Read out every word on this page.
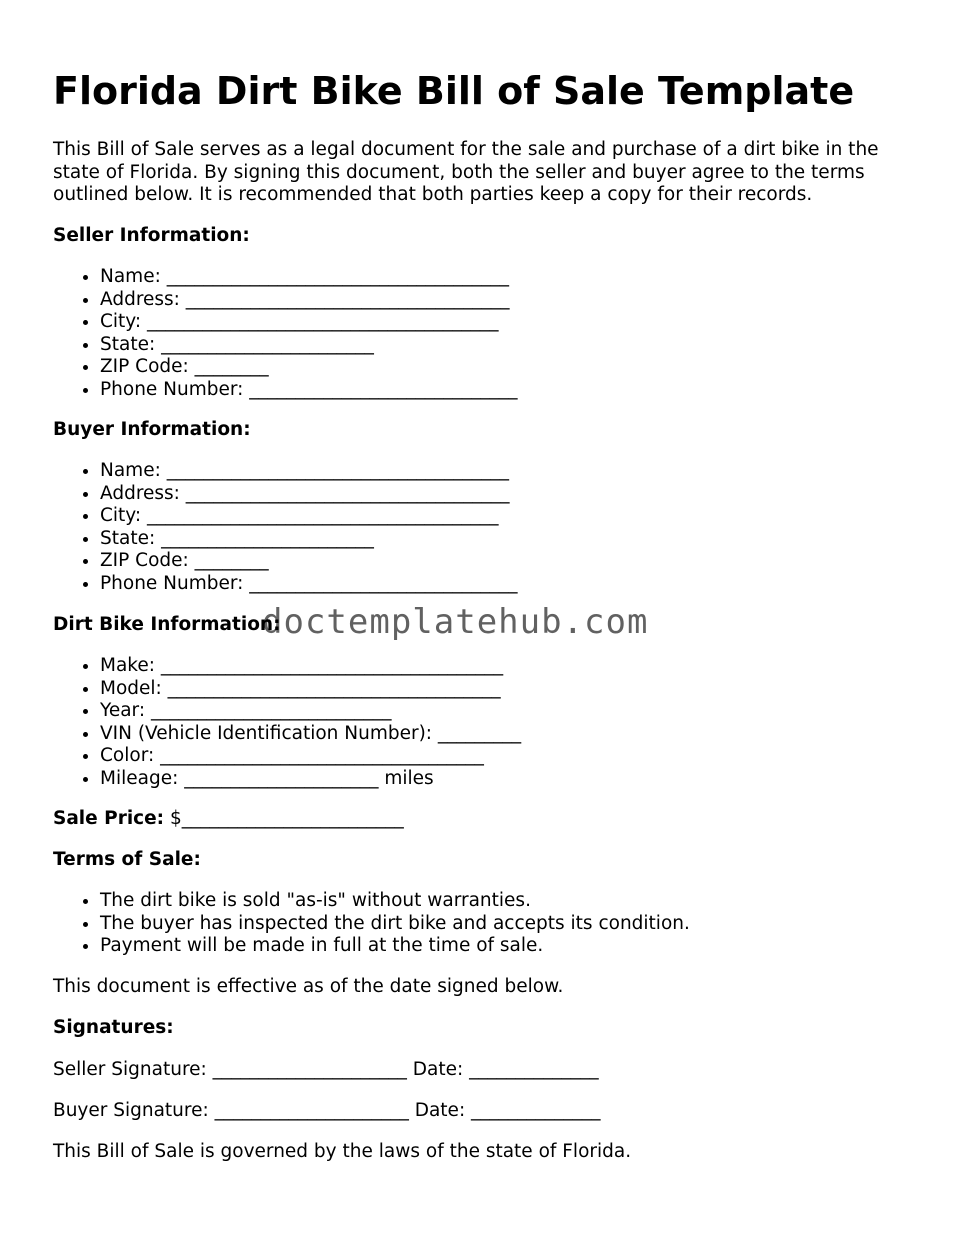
Florida Dirt Bike Bill of Sale Template

This Bill of Sale serves as a legal document for the sale and purchase of a dirt bike in the state of Florida. By signing this document, both the seller and buyer agree to the terms outlined below. It is recommended that both parties keep a copy for their records.

Seller Information:

• Name: _____________________________________
• Address: ___________________________________
• City: ______________________________________
• State: _______________________
• ZIP Code: ________
• Phone Number: _____________________________

Buyer Information:

• Name: _____________________________________
• Address: ___________________________________
• City: ______________________________________
• State: _______________________
• ZIP Code: ________
• Phone Number: _____________________________

Dirt Bike Information:

• Make: _____________________________________
• Model: ____________________________________
• Year: __________________________
• VIN (Vehicle Identification Number): _________
• Color: ___________________________________
• Mileage: _____________________ miles

Sale Price: $________________________

Terms of Sale:

• The dirt bike is sold "as-is" without warranties.
• The buyer has inspected the dirt bike and accepts its condition.
• Payment will be made in full at the time of sale.

This document is effective as of the date signed below.

Signatures:

Seller Signature: _____________________ Date: ______________

Buyer Signature: _____________________ Date: ______________

This Bill of Sale is governed by the laws of the state of Florida.

doctemplatehub.com
